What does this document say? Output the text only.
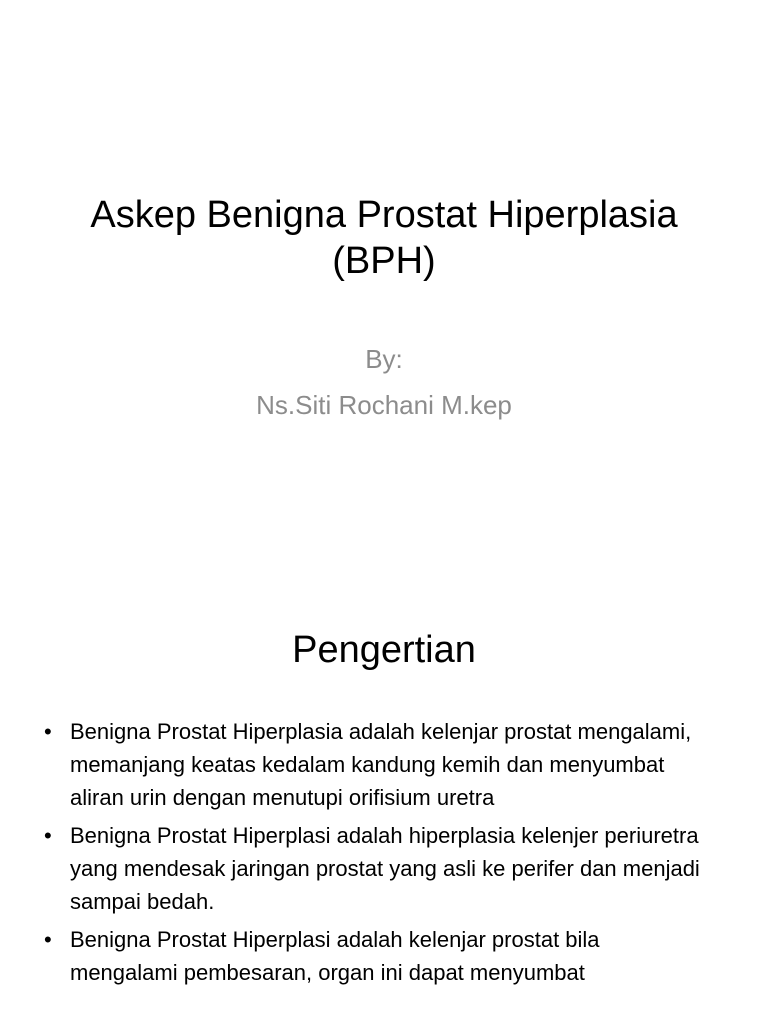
Askep Benigna Prostat Hiperplasia
(BPH)
By:
Ns.Siti Rochani M.kep
Pengertian
• Benigna Prostat Hiperplasia adalah kelenjar prostat mengalami, memanjang keatas kedalam kandung kemih dan menyumbat aliran urin dengan menutupi orifisium uretra
• Benigna Prostat Hiperplasi adalah hiperplasia kelenjer periuretra yang mendesak jaringan prostat yang asli ke perifer dan menjadi sampai bedah.
• Benigna Prostat Hiperplasi adalah kelenjar prostat bila mengalami pembesaran, organ ini dapat menyumbat
